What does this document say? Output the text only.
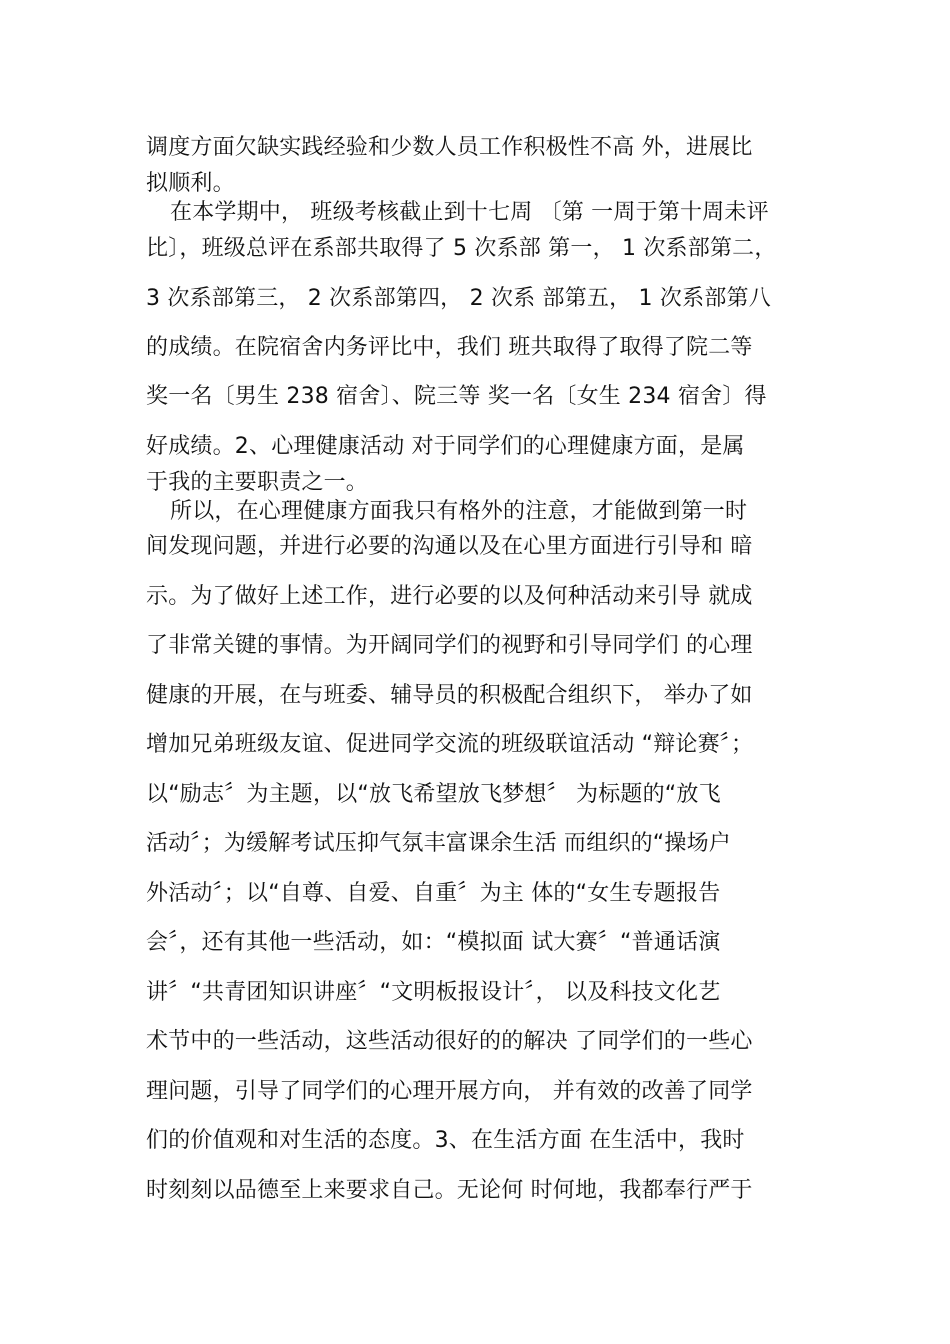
调度方面欠缺实践经验和少数人员工作积极性不高 外，进展比
拟顺利。
在本学期中， 班级考核截止到十七周 〔第 一周于第十周未评
比〕，班级总评在系部共取得了 5 次系部 第一， 1 次系部第二，
3 次系部第三， 2 次系部第四， 2 次系 部第五， 1 次系部第八
的成绩。在院宿舍内务评比中，我们 班共取得了取得了院二等
奖一名〔男生 238 宿舍〕、院三等 奖一名〔女生 234 宿舍〕得
好成绩。2、心理健康活动 对于同学们的心理健康方面，是属
于我的主要职责之一。
所以，在心理健康方面我只有格外的注意，才能做到第一时
间发现问题，并进行必要的沟通以及在心里方面进行引导和 暗
示。为了做好上述工作，进行必要的以及何种活动来引导 就成
了非常关键的事情。为开阔同学们的视野和引导同学们 的心理
健康的开展，在与班委、辅导员的积极配合组织下， 举办了如
增加兄弟班级友谊、促进同学交流的班级联谊活动 “辩论赛〞；
以“励志〞为主题，以“放飞希望放飞梦想〞 为标题的“放飞
活动〞；为缓解考试压抑气氛丰富课余生活 而组织的“操场户
外活动〞；以“自尊、自爱、自重〞为主 体的“女生专题报告
会〞，还有其他一些活动，如：“模拟面 试大赛〞“普通话演
讲〞“共青团知识讲座〞“文明板报设计〞， 以及科技文化艺
术节中的一些活动，这些活动很好的的解决 了同学们的一些心
理问题，引导了同学们的心理开展方向， 并有效的改善了同学
们的价值观和对生活的态度。3、在生活方面 在生活中，我时
时刻刻以品德至上来要求自己。无论何 时何地，我都奉行严于
